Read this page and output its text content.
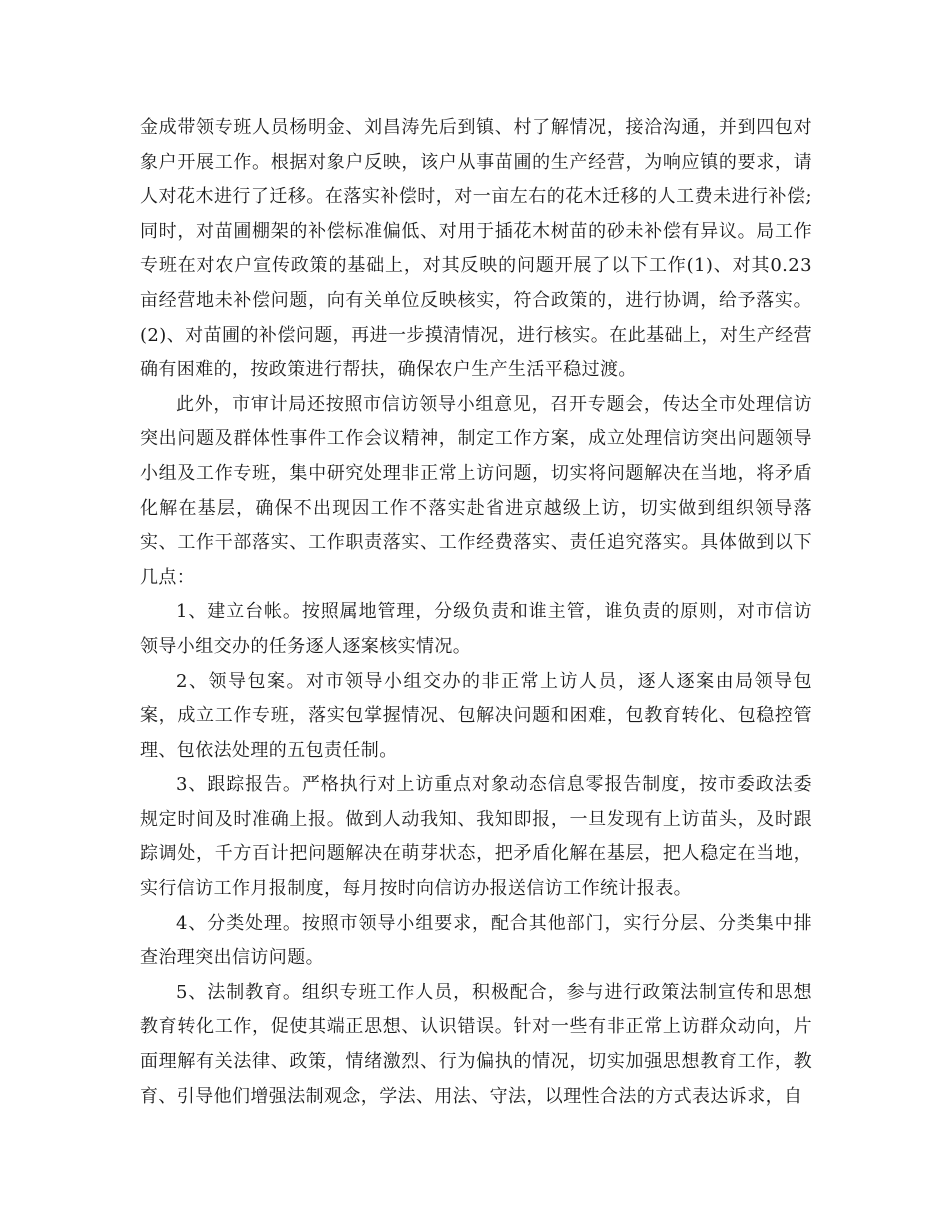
金成带领专班人员杨明金、刘昌涛先后到镇、村了解情况，接洽沟通，并到四包对象户开展工作。根据对象户反映，该户从事苗圃的生产经营，为响应镇的要求，请人对花木进行了迁移。在落实补偿时，对一亩左右的花木迁移的人工费未进行补偿;同时，对苗圃棚架的补偿标准偏低、对用于插花木树苗的砂未补偿有异议。局工作专班在对农户宣传政策的基础上，对其反映的问题开展了以下工作(1)、对其0.23亩经营地未补偿问题，向有关单位反映核实，符合政策的，进行协调，给予落实。(2)、对苗圃的补偿问题，再进一步摸清情况，进行核实。在此基础上，对生产经营确有困难的，按政策进行帮扶，确保农户生产生活平稳过渡。

此外，市审计局还按照市信访领导小组意见，召开专题会，传达全市处理信访突出问题及群体性事件工作会议精神，制定工作方案，成立处理信访突出问题领导小组及工作专班，集中研究处理非正常上访问题，切实将问题解决在当地，将矛盾化解在基层，确保不出现因工作不落实赴省进京越级上访，切实做到组织领导落实、工作干部落实、工作职责落实、工作经费落实、责任追究落实。具体做到以下几点：

1、建立台帐。按照属地管理，分级负责和谁主管，谁负责的原则，对市信访领导小组交办的任务逐人逐案核实情况。

2、领导包案。对市领导小组交办的非正常上访人员，逐人逐案由局领导包案，成立工作专班，落实包掌握情况、包解决问题和困难，包教育转化、包稳控管理、包依法处理的五包责任制。

3、跟踪报告。严格执行对上访重点对象动态信息零报告制度，按市委政法委规定时间及时准确上报。做到人动我知、我知即报，一旦发现有上访苗头，及时跟踪调处，千方百计把问题解决在萌芽状态，把矛盾化解在基层，把人稳定在当地，实行信访工作月报制度，每月按时向信访办报送信访工作统计报表。

4、分类处理。按照市领导小组要求，配合其他部门，实行分层、分类集中排查治理突出信访问题。

5、法制教育。组织专班工作人员，积极配合，参与进行政策法制宣传和思想教育转化工作，促使其端正思想、认识错误。针对一些有非正常上访群众动向，片面理解有关法律、政策，情绪激烈、行为偏执的情况，切实加强思想教育工作，教育、引导他们增强法制观念，学法、用法、守法，以理性合法的方式表达诉求，自
